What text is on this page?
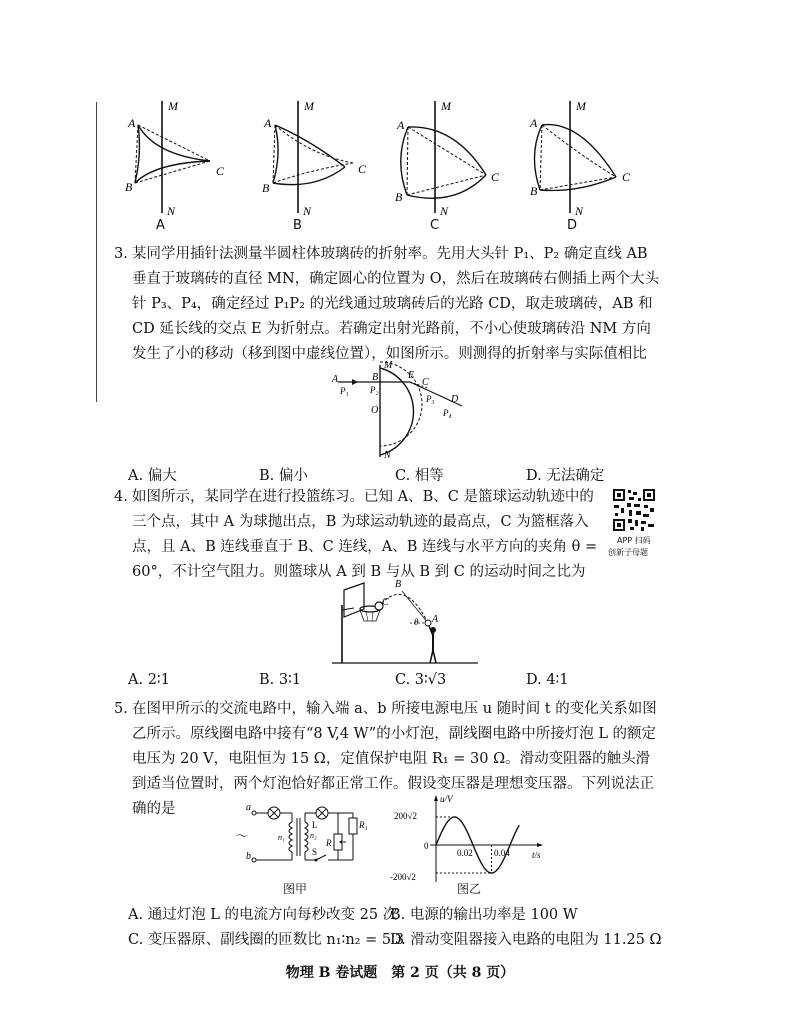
M
N
A
B
C
M
N
A
B
C
M
N
A
B
C
M
N
A
B
C
A	B	C	D
3. 某同学用插针法测量半圆柱体玻璃砖的折射率。先用大头针 P₁、P₂ 确定直线 AB 垂直于玻璃砖的直径 MN，确定圆心的位置为 O，然后在玻璃砖右侧插上两个大头针 P₃、P₄，确定经过 P₁P₂ 的光线通过玻璃砖后的光路 CD，取走玻璃砖，AB 和 CD 延长线的交点 E 为折射点。若确定出射光路前，不小心使玻璃砖沿 NM 方向发生了小的移动（移到图中虚线位置），如图所示。则测得的折射率与实际值相比
A
P₁
B
P₂
M
N
O
E
C
P₃ D
P₄
A. 偏大	B. 偏小	C. 相等	D. 无法确定
APP 扫码
创新子母题
4. 如图所示，某同学在进行投篮练习。已知 A、B、C 是篮球运动轨迹中的三个点，其中 A 为球抛出点，B 为球运动轨迹的最高点，C 为篮框落入点，且 A、B 连线垂直于 B、C 连线，A、B 连线与水平方向的夹角 θ = 60°，不计空气阻力。则篮球从 A 到 B 与从 B 到 C 的运动时间之比为
B
C
A
θ
A. 2∶1	B. 3∶1	C. 3∶√3	D. 4∶1
5. 在图甲所示的交流电路中，输入端 a、b 所接电源电压 u 随时间 t 的变化关系如图乙所示。原线圈电路中接有“8 V,4 W”的小灯泡，副线圈电路中所接灯泡 L 的额定电压为 20 V，电阻恒为 15 Ω，定值保护电阻 R₁ = 30 Ω。滑动变阻器的触头滑到适当位置时，两个灯泡恰好都正常工作。假设变压器是理想变压器。下列说法正确的是	a
b
～	n₁	n₂
L	R₁
R
S
图甲
u/V
t/s
200√2
0
-200√2
0.02 0.04
图乙
A. 通过灯泡 L 的电流方向每秒改变 25 次
B. 电源的输出功率是 100 W
C. 变压器原、副线圈的匝数比 n₁∶n₂ = 5∶3
D. 滑动变阻器接入电路的电阻为 11.25 Ω
物理 B 卷试题　第 2 页（共 8 页）
